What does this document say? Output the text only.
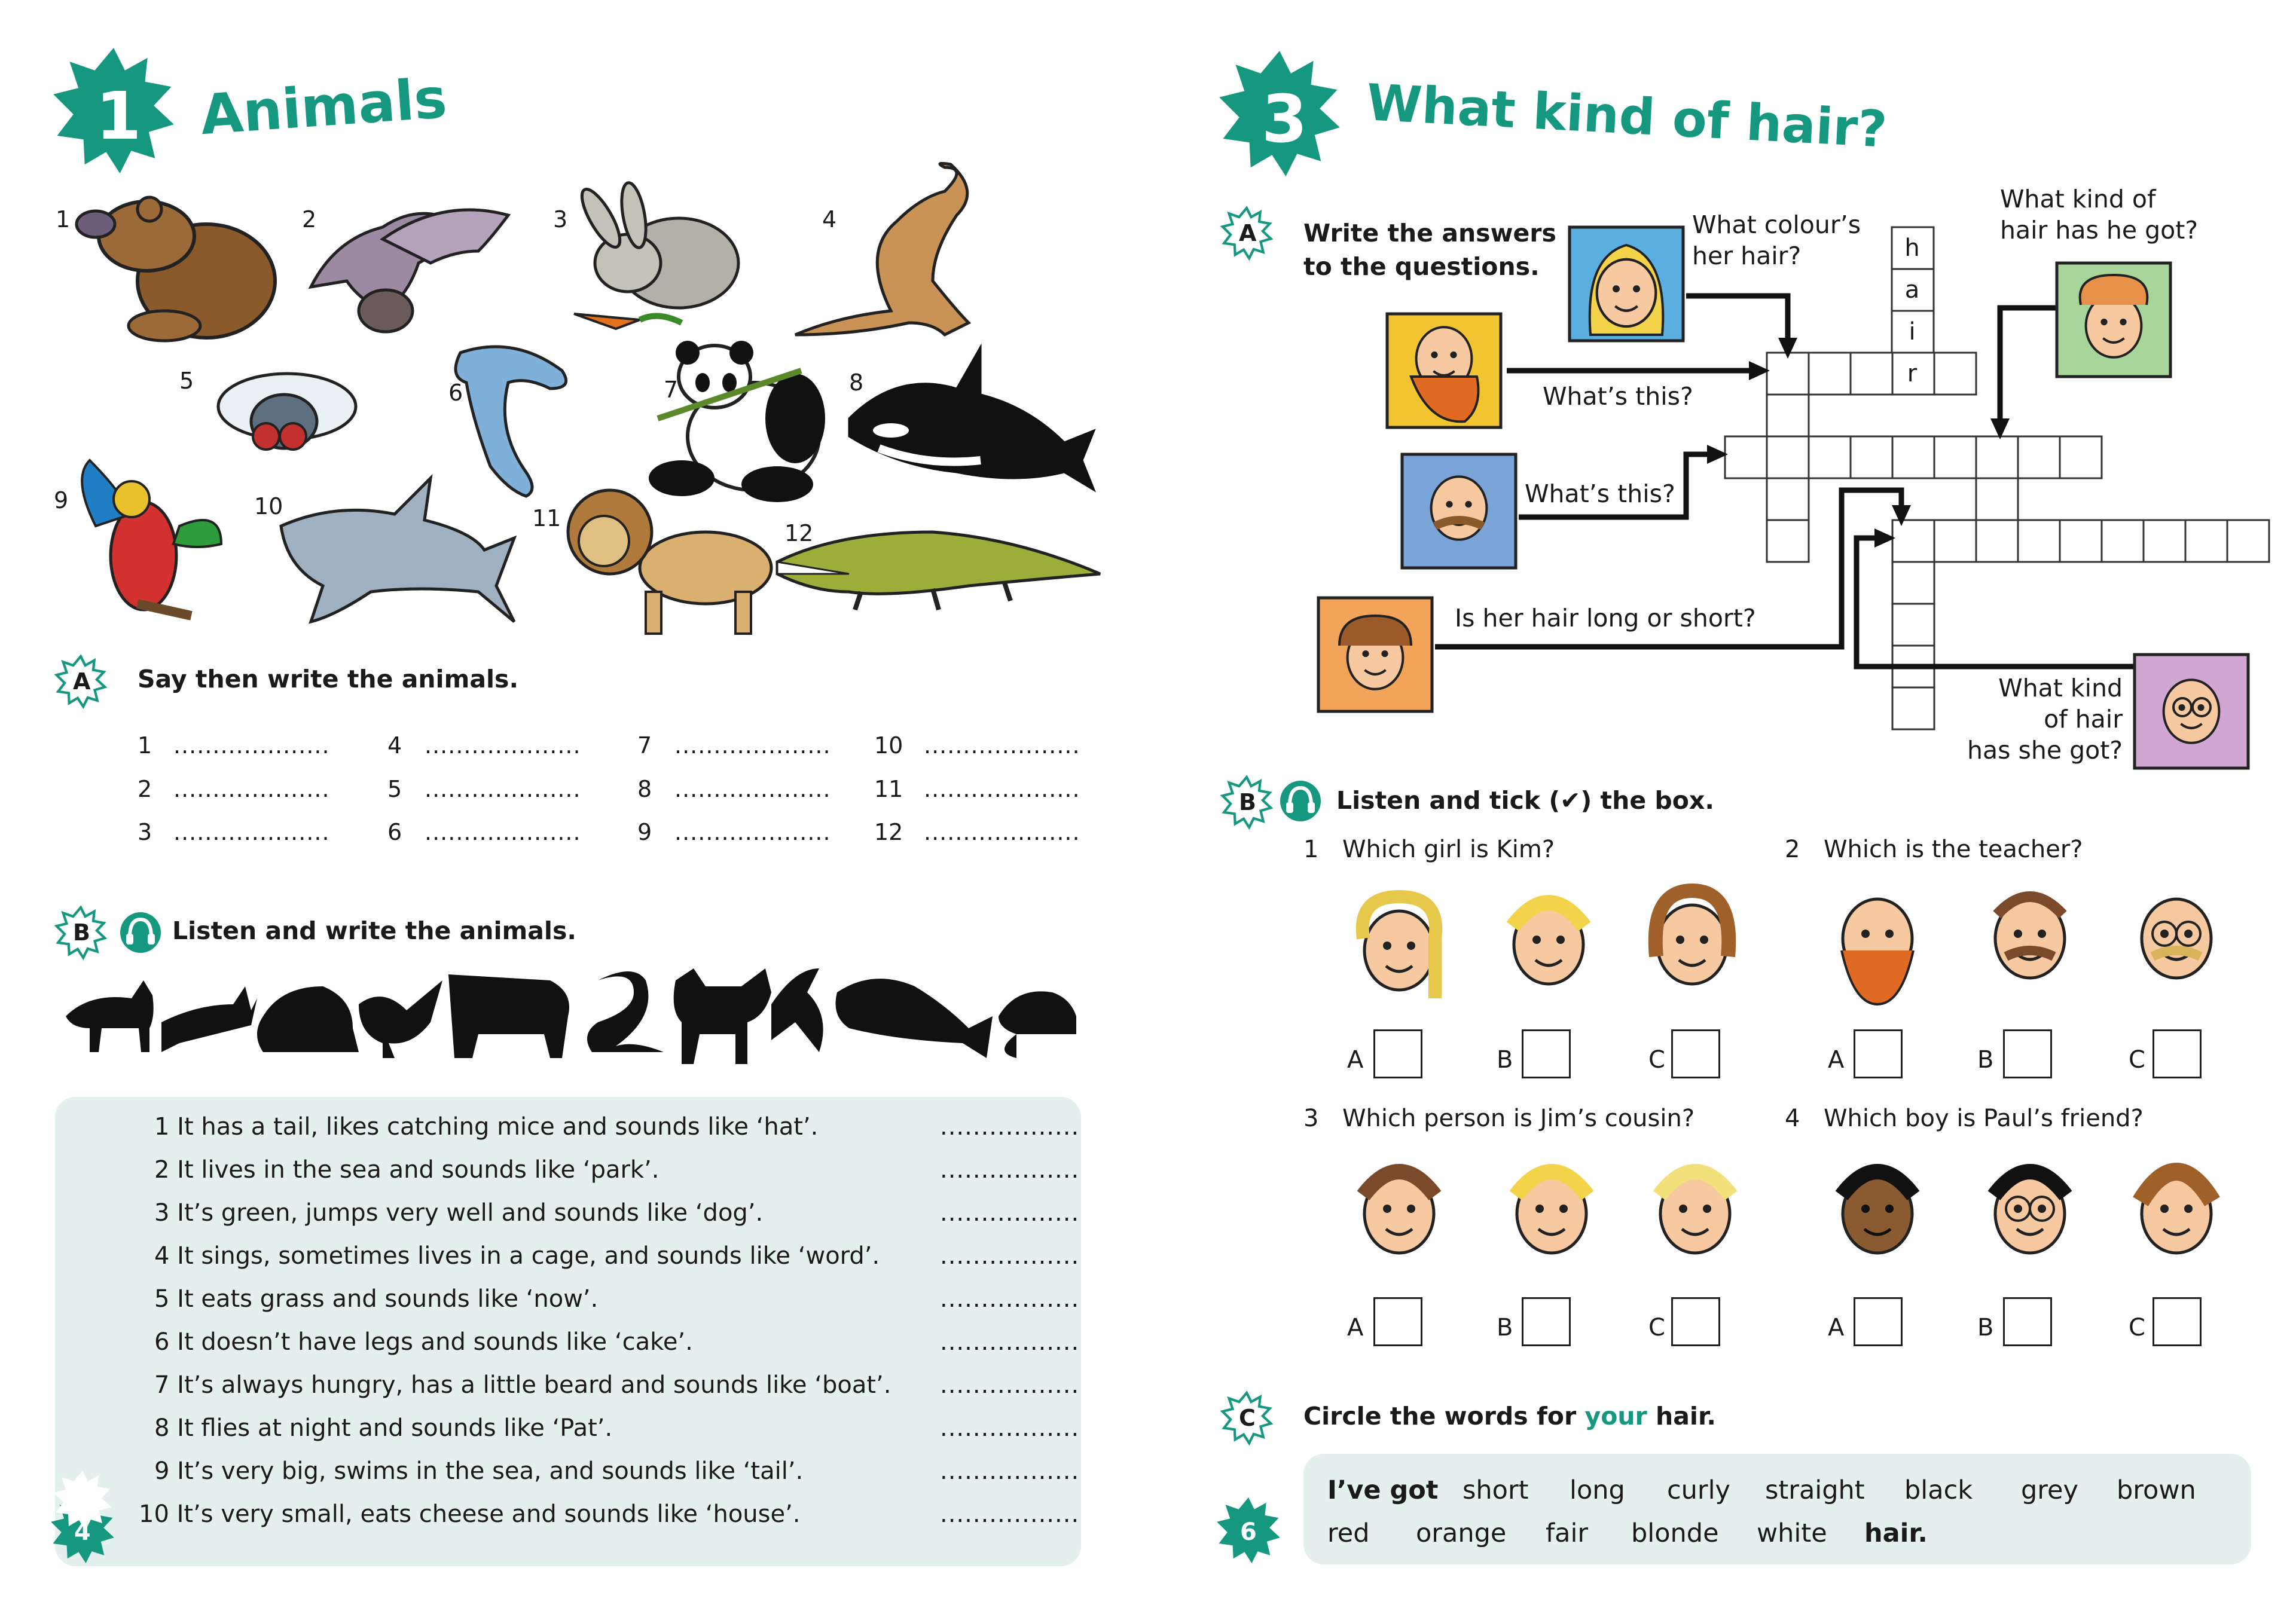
1 Animals
1	2	3	4
5	6	7	8
9	10	11
12
A Say then write the animals.
1 ....................	4 .................... 7 .................... 10 ....................
2 ....................	5 .................... 8 .................... 11 ....................
3 ....................	6 .................... 9 .................... 12 ....................
B	Listen and write the animals.
1 It has a tail, likes catching mice and sounds like ‘hat’.	.................
2 It lives in the sea and sounds like ‘park’.	.................
3 It’s green, jumps very well and sounds like ‘dog’.	.................
4 It sings, sometimes lives in a cage, and sounds like ‘word’.	.................
5 It eats grass and sounds like ‘now’.	.................
6 It doesn’t have legs and sounds like ‘cake’.	.................
7 It’s always hungry, has a little beard and sounds like ‘boat’. .................
8 It flies at night and sounds like ‘Pat’.	.................
9 It’s very big, swims in the sea, and sounds like ‘tail’.	.................
10 It’s very small, eats cheese and sounds like ‘house’.	.................
4
3 What kind of hair?
A Write the answers
to the questions.
What colour’s
her hair?
What kind of
hair has he got?
What’s this?
What’s this?
Is her hair long or short?
What kind
of hair
has she got?
h
a
i
r
B	Listen and tick (✔) the box.
1 Which girl is Kim?	2 Which is the teacher?
3 Which person is Jim’s cousin?	4 Which boy is Paul’s friend?
A	B	C	A	B	C
A	B	C	A	B	C
C Circle the words for your hair.
I’ve got short long curly straight black grey brown
red orange fair blonde white hair.
6
